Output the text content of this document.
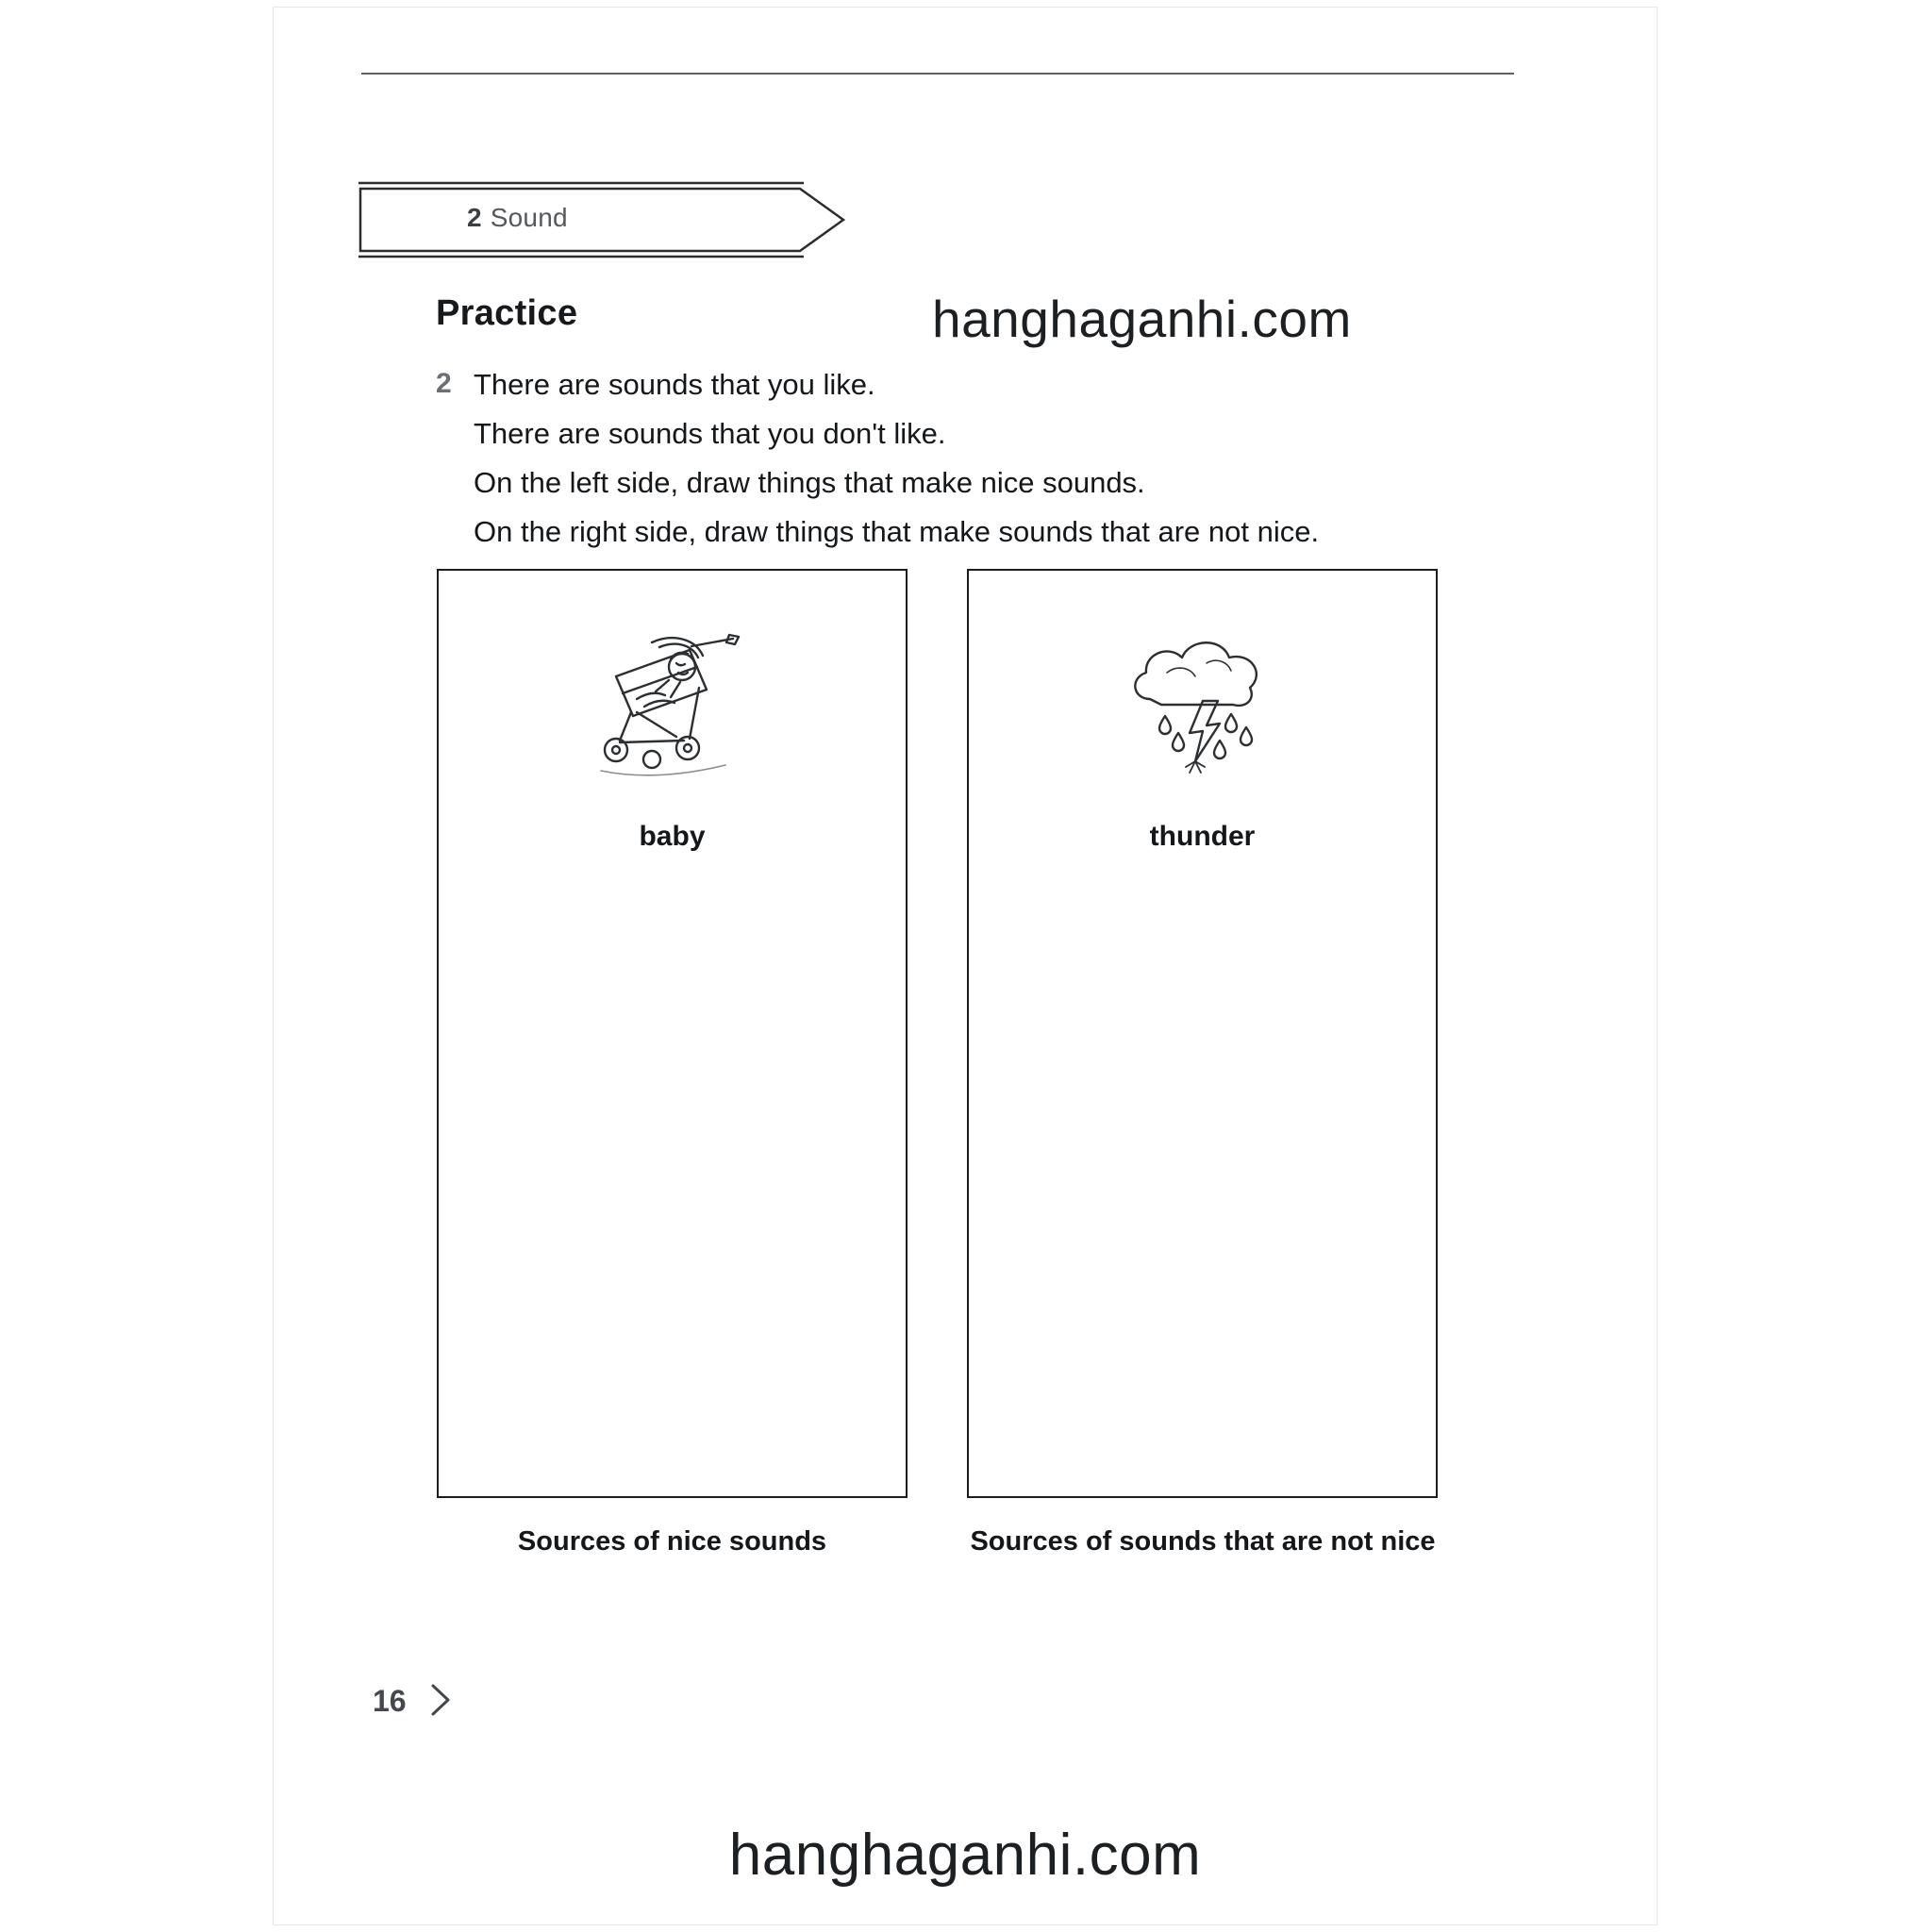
2 Sound
Practice	hanghaganhi.com
2 There are sounds that you like.
There are sounds that you don't like.
On the left side, draw things that make nice sounds.
On the right side, draw things that make sounds that are not nice.
baby	thunder
Sources of nice sounds	Sources of sounds that are not nice
16
hanghaganhi.com
